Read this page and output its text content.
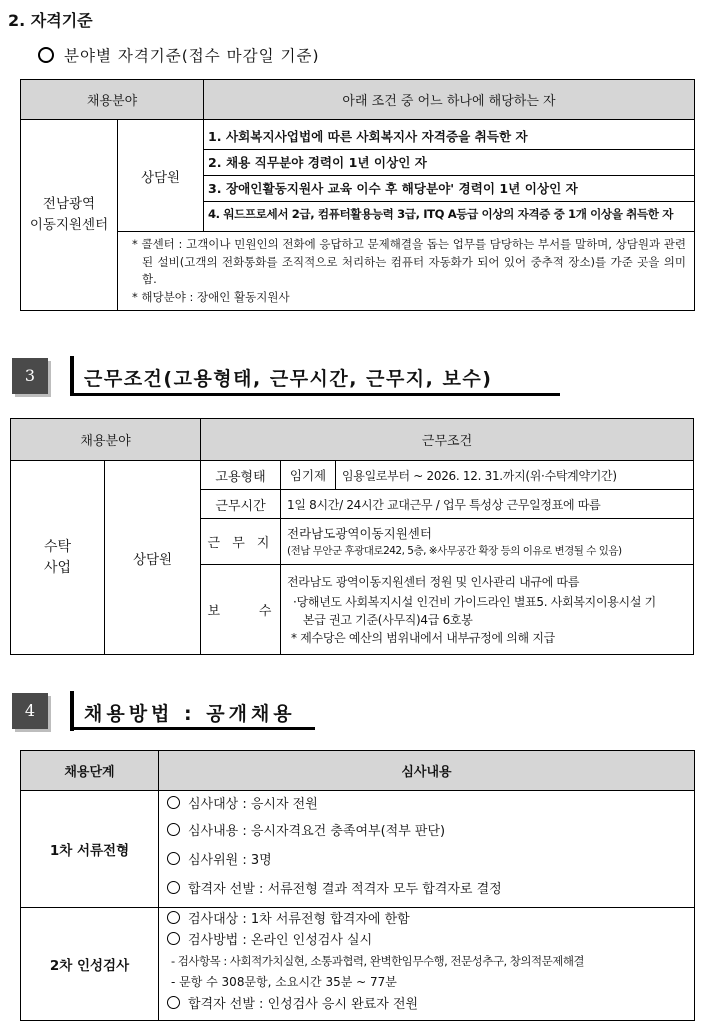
2. 자격기준
분야별 자격기준(접수 마감일 기준)
채용분야		아래 조건 중 어느 하나에 해당하는 자
전남광역
이동지원센터	상담원	1. 사회복지사업법에 따른 사회복지사 자격증을 취득한 자
		2. 채용 직무분야 경력이 1년 이상인 자
		3. 장애인활동지원사 교육 이수 후 해당분야' 경력이 1년 이상인 자
		4. 워드프로세서 2급, 컴퓨터활용능력 3급, ITQ A등급 이상의 자격증 중 1개 이상을 취득한 자

	* 콜센터 : 고객이나 민원인의 전화에 응답하고 문제해결을 돕는 업무를 담당하는 부서를 말하며, 상담원과 관련된 설비(고객의 전화통화를 조직적으로 처리하는 컴퓨터 자동화가 되어 있어 중추적 장소)를 가준 곳을 의미함.
* 해당분야 : 장애인 활동지원사	
3	근무조건(고용형태, 근무시간, 근무지, 보수)
채용분야		근무조건		
수탁
사업	상담원	고용형태	임기제	임용일로부터 ~ 2026. 12. 31.까지(위·수탁계약기간)
		근무시간	1일 8시간/ 24시간 교대근무 / 업무 특성상 근무일정표에 따름	
		근 무 지	전라남도광역이동지원센터
(전남 무안군 후광대로242, 5층, ※사무공간 확장 등의 이유로 변경될 수 있음)	

		보      수	전라남도 광역이동지원센터 정원 및 인사관리 내규에 따름
·당해년도 사회복지시설 인건비 가이드라인 별표5. 사회복지이용시설 기
본급 권고 기준(사무직)4급 6호봉
* 제수당은 예산의 범위내에서 내부규정에 의해 지급	
4	채용방법 : 공개채용
채용단계	심사내용
1차 서류전형	심사대상 : 응시자 전원
심사내용 : 응시자격요건 충족여부(적부 판단)
심사위원 : 3명
합격자 선발 : 서류전형 결과 적격자 모두 합격자로 결정

2차 인성검사	검사대상 : 1차 서류전형 합격자에 한함
검사방법 : 온라인 인성검사 실시
- 검사항목 : 사회적가치실현, 소통과협력, 완벽한임무수행, 전문성추구, 창의적문제해결
- 문항 수 308문항, 소요시간 35분 ~ 77분
합격자 선발 : 인성검사 응시 완료자 전원
